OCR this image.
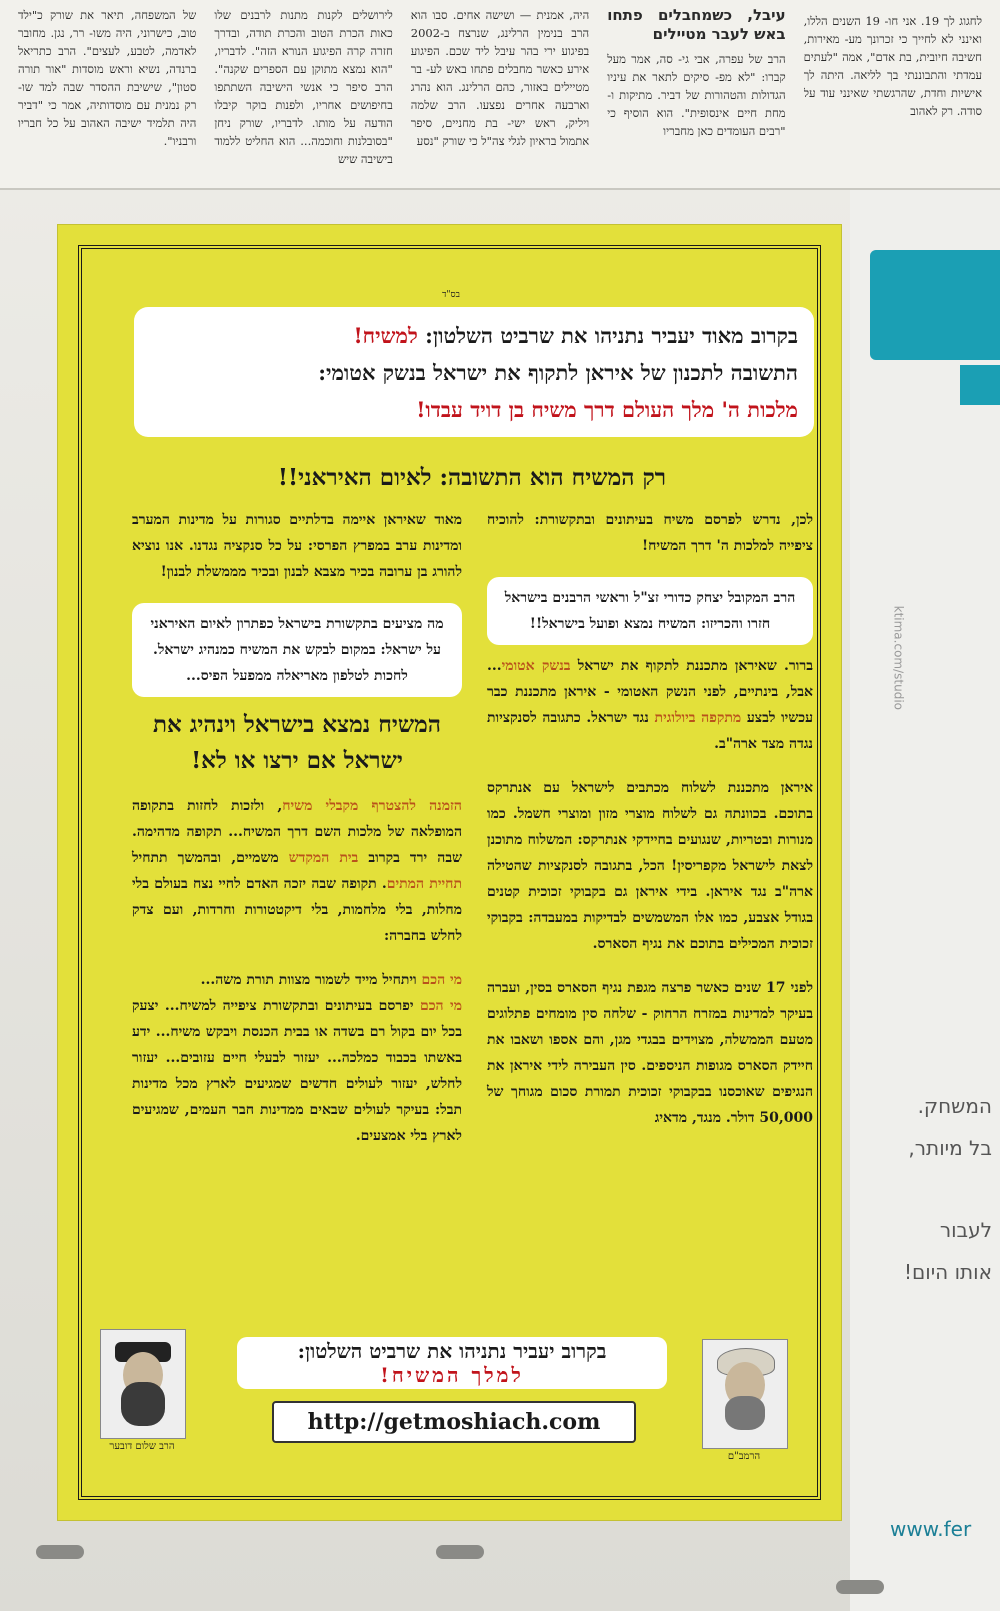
לחגוג לך 19. אני חו- 19 השנים הללו, ואינני לא לחייך כי זכרונך מע- מאירות, חשיבה חיובית, בת אדם", אמה "לעתים עמדתי והתבוננתי בך לליאה. היתה לך אישיות וחדת, שהרגשתי שאינני עוד על סודה. רק לאהוב
עיבל, כשמחבלים פתחו באש לעבר מטיילים
הרב של עפרה, אבי גי- סה, אמר מעל קברו: "לא מפ- סיקים לתאר את עיניו הגדולות והטהורות של דביר. מתיקות ו- מחת חיים אינסופית". הוא הוסיף כי "רבים העומדים כאן מחבריו
היה, אמנית — ושישה אחים. סבו הוא הרב בנימין הרלינג, שנרצח ב-2002 בפיגוע ירי בהר עיבל ליד שכם. הפיגוע אירע כאשר מחבלים פתחו באש לע- בר מטיילים באזור, כהם הרלינג. הוא נהרג וארבעה אחרים נפצעו. הרב שלמה ויליק, ראש ישי- בת מחניים, סיפר אתמול בראיון לגלי צה"ל כי שורק "נסע
לירושלים לקנות מתנות לרבנים שלו כאות הכרת הטוב והכרת תודה, ובדרך חזרה קרה הפיגוע הנורא הזה". לדבריו, "הוא נמצא מתוקן עם הספרים שקנה". הרב סיפר כי אנשי הישיבה השתתפו בחיפושים אחריו, ולפנות בוקר קיבלו הודעה על מותו. לדבריו, שורק ניחן "בסובלנות וחוכמה... הוא החליט ללמוד בישיבה שיש
של המשפחה, תיאר את שורק כ"ילד טוב, כישרוני, היה משו- רר, נגן. מחובר לאדמה, לטבע, לעצים". הרב כתריאל ברנדה, נשיא וראש מוסדות "אור תורה סטון", שישיבת ההסדר שבה למד שו- רק נמנית עם מוסדותיה, אמר כי "דביר היה תלמיד ישיבה האהוב על כל חבריו ורבניו".
ktima.com/studio
המשחק.
בל מיותר,
לעבור
אותו היום!
www.fer
בס"ד
בקרוב מאוד יעביר נתניהו את שרביט השלטון: למשיח!
התשובה לתכנון של איראן לתקוף את ישראל בנשק אטומי:
מלכות ה' מלך העולם דרך משיח בן דויד עבדו!
רק המשיח הוא התשובה: לאיום האיראני!!
לכן, נדרש לפרסם משיח בעיתונים ובתקשורת: להוכיח ציפייה למלכות ה' דרך המשיח!
הרב המקובל יצחק כדורי זצ"ל וראשי הרבנים בישראל חזרו והכריזו: המשיח נמצא ופועל בישראל!!
ברור. שאיראן מתכננת לתקוף את ישראל בנשק אטומי... אבל, בינתיים, לפני הנשק האטומי - איראן מתכננת כבר עכשיו לבצע מתקפה ביולוגית נגד ישראל. כתגובה לסנקציות נגדה מצד ארה"ב.
איראן מתכננת לשלוח מכתבים לישראל עם אנתרקס בתוכם. בכוונתה גם לשלוח מוצרי מזון ומוצרי חשמל. כמו מנורות ובטריות, שנגועים בחיידקי אנתרקס: המשלוח מתוכנן לצאת לישראל מקפריסין! הכל, בתגובה לסנקציות שהטילה ארה"ב נגד איראן. בידי איראן גם בקבוקי זכוכית קטנים בגודל אצבע, כמו אלו המשמשים לבדיקות במעבדה: בקבוקי זכוכית המכילים בתוכם את נגיף הסארס.
לפני 17 שנים כאשר פרצה מגפת נגיף הסארס בסין, ועברה בעיקר למדינות במזרח הרחוק - שלחה סין מומחים פתלוגים מטעם הממשלה, מצוידים בבגדי מגן, והם אספו ושאבו את חיידק הסארס מגופות הניספים. סין העבירה לידי איראן את הנגיפים שאוכסנו בבקבוקי זכוכית תמורת סכום מגוחך של 50,000 דולר. מנגד, מדאיג
מאוד שאיראן איימה בדלתיים סגורות על מדינות המערב ומדינות ערב במפרץ הפרסי: על כל סנקציה נגדנו. אנו נוציא להורג בן ערובה בכיר מצבא לבנון ובכיר מממשלת לבנון!
מה מציעים בתקשורת בישראל כפתרון לאיום האיראני על ישראל: במקום לבקש את המשיח כמנהיג ישראל. לחכות לטלפון מאריאלה ממפעל הפיס...
המשיח נמצא בישראל וינהיג את ישראל אם ירצו או לא!
הזמנה להצטרף מקבלי משיח, ולזכות לחזות בתקופה המופלאה של מלכות השם דרך המשיח... תקופה מדהימה. שבה ירד בקרוב בית המקדש משמיים, ובהמשך תתחיל תחיית המתים. תקופה שבה יזכה האדם לחיי נצח בעולם בלי מחלות, בלי מלחמות, בלי דיקטטורות וחרדות, ועם צדק לחלש בחברה:
מי הכם ויתחיל מייד לשמור מצוות תורת משה...
מי הכם יפרסם בעיתונים ובתקשורת ציפייה למשיח... יצעק בכל יום בקול רם בשדה או בבית הכנסת ויבקש משיח... ידע באשתו בכבוד כמלכה... יעזור לבעלי חיים עזובים... יעזור לחלש, יעזור לעולים חדשים שמגיעים לארץ מכל מדינות תבל: בעיקר לעולים שבאים ממדינות חבר העמים, שמגיעים לארץ בלי אמצעים.
הרב שלום דובער
הרמב"ם
בקרוב יעביר נתניהו את שרביט השלטון:
למלך המשיח!
http://getmoshiach.com
